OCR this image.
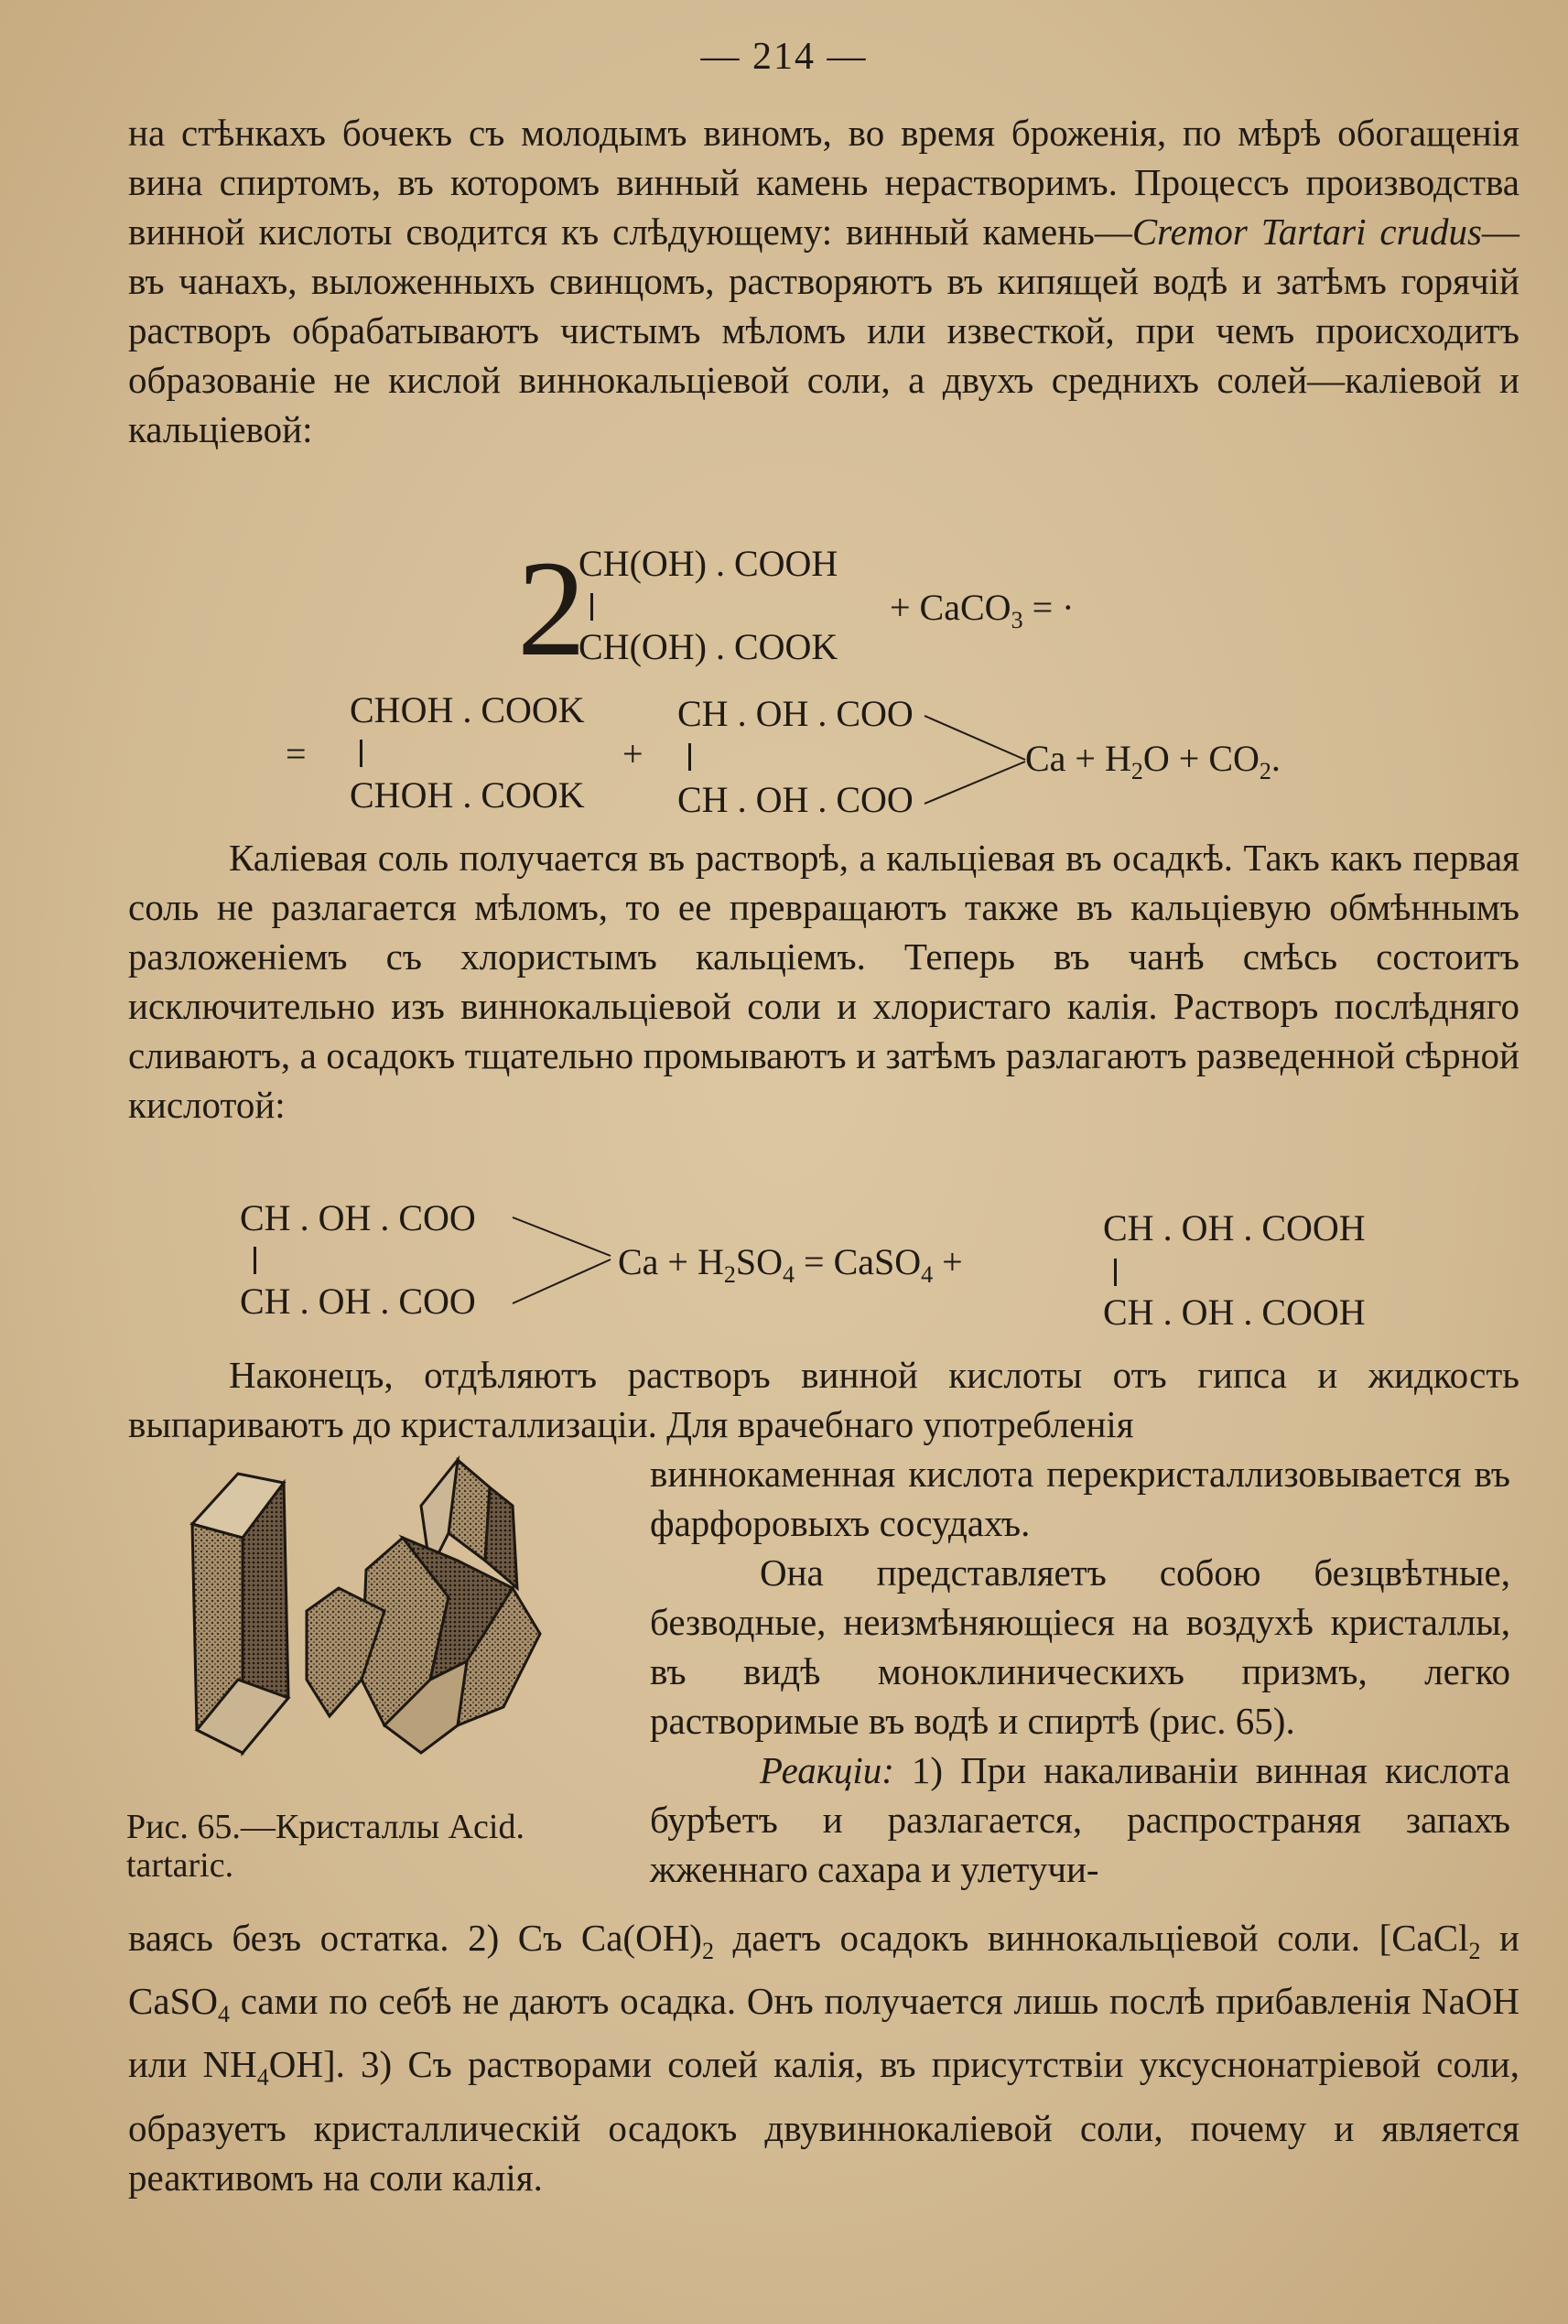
— 214 —

на стѣнкахъ бочекъ съ молодымъ виномъ, во время броженія, по мѣрѣ обогащенія вина спиртомъ, въ которомъ винный камень нерастворимъ. Процессъ производства винной кислоты сводится къ слѣдующему: винный камень—Cremor Tartari crudus—въ чанахъ, выложенныхъ свинцомъ, растворяютъ въ кипящей водѣ и затѣмъ горячій растворъ обрабатываютъ чистымъ мѣломъ или известкой, при чемъ происходитъ образованіе не кислой виннокальціевой соли, а двухъ среднихъ солей—каліевой и кальціевой:

2
CH(OH) . COOH
CH(OH) . COOK
+ CaCO$_3$ = ·
=
CHOH . COOK
CHOH . COOK
+
CH . OH . COO
CH . OH . COO
$Ca + H_2O + CO_2$.

Каліевая соль получается въ растворѣ, а кальціевая въ осадкѣ. Такъ какъ первая соль не разлагается мѣломъ, то ее превращаютъ также въ кальціевую обмѣннымъ разложеніемъ съ хлористымъ кальціемъ. Теперь въ чанѣ смѣсь состоитъ исключительно изъ виннокальціевой соли и хлористаго калія. Растворъ послѣдняго сливаютъ, а осадокъ тщательно промываютъ и затѣмъ разлагаютъ разведенной сѣрной кислотой:

CH . OH . COO
CH . OH . COO
$Ca + H_2SO_4$ = CaSO$_4$ +
CH . OH . COOH
CH . OH . COOH

Наконецъ, отдѣляютъ растворъ винной кислоты отъ гипса и жидкость выпариваютъ до кристаллизаціи. Для врачебнаго употребленія

Рис. 65.—Кристаллы Acid. tartaric.

виннокаменная кислота перекристаллизовывается въ фарфоровыхъ сосудахъ.

Она представляетъ собою безцвѣтные, безводные, неизмѣняющіеся на воздухѣ кристаллы, въ видѣ моноклиническихъ призмъ, легко растворимые въ водѣ и спиртѣ (рис. 65).

Реакціи: 1) При накаливаніи винная кислота бурѣетъ и разлагается, распространяя запахъ жженнаго сахара и улетучи-

ваясь безъ остатка. 2) Съ $Ca(OH)_2$ даетъ осадокъ виннокальціевой соли. [CaCl$_2$ и CaSO$_4$ сами по себѣ не даютъ осадка. Онъ получается лишь послѣ прибавленія NaOH или $NH_4OH$]. 3) Съ растворами солей калія, въ присутствіи уксуснонатріевой соли, образуетъ кристаллическій осадокъ двувиннокаліевой соли, почему и является реактивомъ на соли калія.
